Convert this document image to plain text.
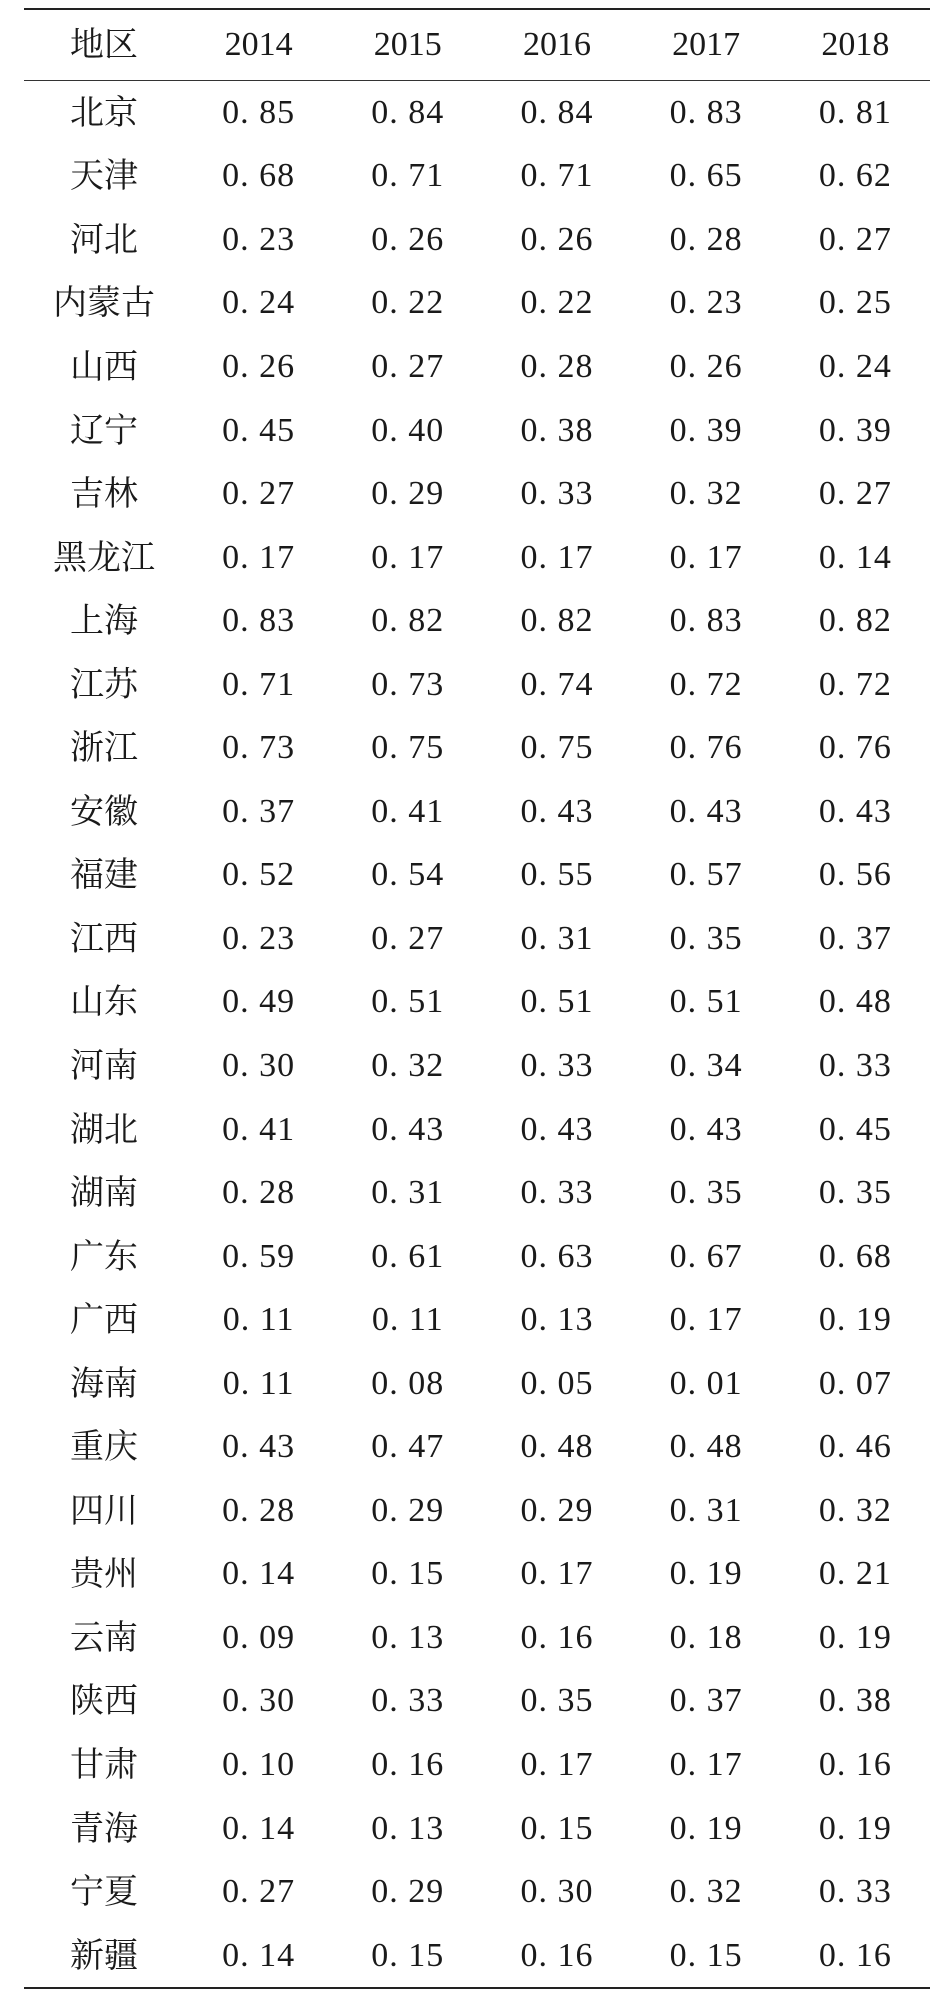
地区	2014	2015	2016	2017	2018

北京	0. 85	0. 84	0. 84	0. 83	0. 81
天津	0. 68	0. 71	0. 71	0. 65	0. 62
河北	0. 23	0. 26	0. 26	0. 28	0. 27
内蒙古	0. 24	0. 22	0. 22	0. 23	0. 25
山西	0. 26	0. 27	0. 28	0. 26	0. 24
辽宁	0. 45	0. 40	0. 38	0. 39	0. 39
吉林	0. 27	0. 29	0. 33	0. 32	0. 27
黑龙江	0. 17	0. 17	0. 17	0. 17	0. 14
上海	0. 83	0. 82	0. 82	0. 83	0. 82
江苏	0. 71	0. 73	0. 74	0. 72	0. 72
浙江	0. 73	0. 75	0. 75	0. 76	0. 76
安徽	0. 37	0. 41	0. 43	0. 43	0. 43
福建	0. 52	0. 54	0. 55	0. 57	0. 56
江西	0. 23	0. 27	0. 31	0. 35	0. 37
山东	0. 49	0. 51	0. 51	0. 51	0. 48
河南	0. 30	0. 32	0. 33	0. 34	0. 33
湖北	0. 41	0. 43	0. 43	0. 43	0. 45
湖南	0. 28	0. 31	0. 33	0. 35	0. 35
广东	0. 59	0. 61	0. 63	0. 67	0. 68
广西	0. 11	0. 11	0. 13	0. 17	0. 19
海南	0. 11	0. 08	0. 05	0. 01	0. 07
重庆	0. 43	0. 47	0. 48	0. 48	0. 46
四川	0. 28	0. 29	0. 29	0. 31	0. 32
贵州	0. 14	0. 15	0. 17	0. 19	0. 21
云南	0. 09	0. 13	0. 16	0. 18	0. 19
陕西	0. 30	0. 33	0. 35	0. 37	0. 38
甘肃	0. 10	0. 16	0. 17	0. 17	0. 16
青海	0. 14	0. 13	0. 15	0. 19	0. 19
宁夏	0. 27	0. 29	0. 30	0. 32	0. 33
新疆	0. 14	0. 15	0. 16	0. 15	0. 16
